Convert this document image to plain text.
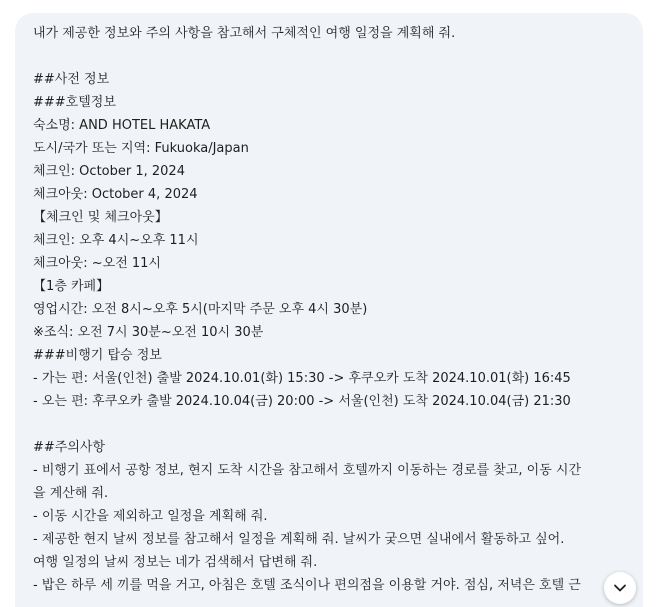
내가 제공한 정보와 주의 사항을 참고해서 구체적인 여행 일정을 계획해 줘.
##사전 정보
###호텔정보
숙소명: AND HOTEL HAKATA
도시/국가 또는 지역: Fukuoka/Japan
체크인: October 1, 2024
체크아웃: October 4, 2024
【체크인 및 체크아웃】
체크인: 오후 4시~오후 11시
체크아웃: ~오전 11시
【1층 카페】
영업시간: 오전 8시~오후 5시(마지막 주문 오후 4시 30분)
※조식: 오전 7시 30분~오전 10시 30분
###비행기 탑승 정보
- 가는 편: 서울(인천) 출발 2024.10.01(화) 15:30 -> 후쿠오카 도착 2024.10.01(화) 16:45
- 오는 편: 후쿠오카 출발 2024.10.04(금) 20:00 -> 서울(인천) 도착 2024.10.04(금) 21:30
##주의사항
- 비행기 표에서 공항 정보, 현지 도착 시간을 참고해서 호텔까지 이동하는 경로를 찾고, 이동 시간
을 계산해 줘.
- 이동 시간을 제외하고 일정을 계획해 줘.
- 제공한 현지 날씨 정보를 참고해서 일정을 계획해 줘. 날씨가 궂으면 실내에서 활동하고 싶어.
여행 일정의 날씨 정보는 네가 검색해서 답변해 줘.
- 밥은 하루 세 끼를 먹을 거고, 아침은 호텔 조식이나 편의점을 이용할 거야. 점심, 저녁은 호텔 근
